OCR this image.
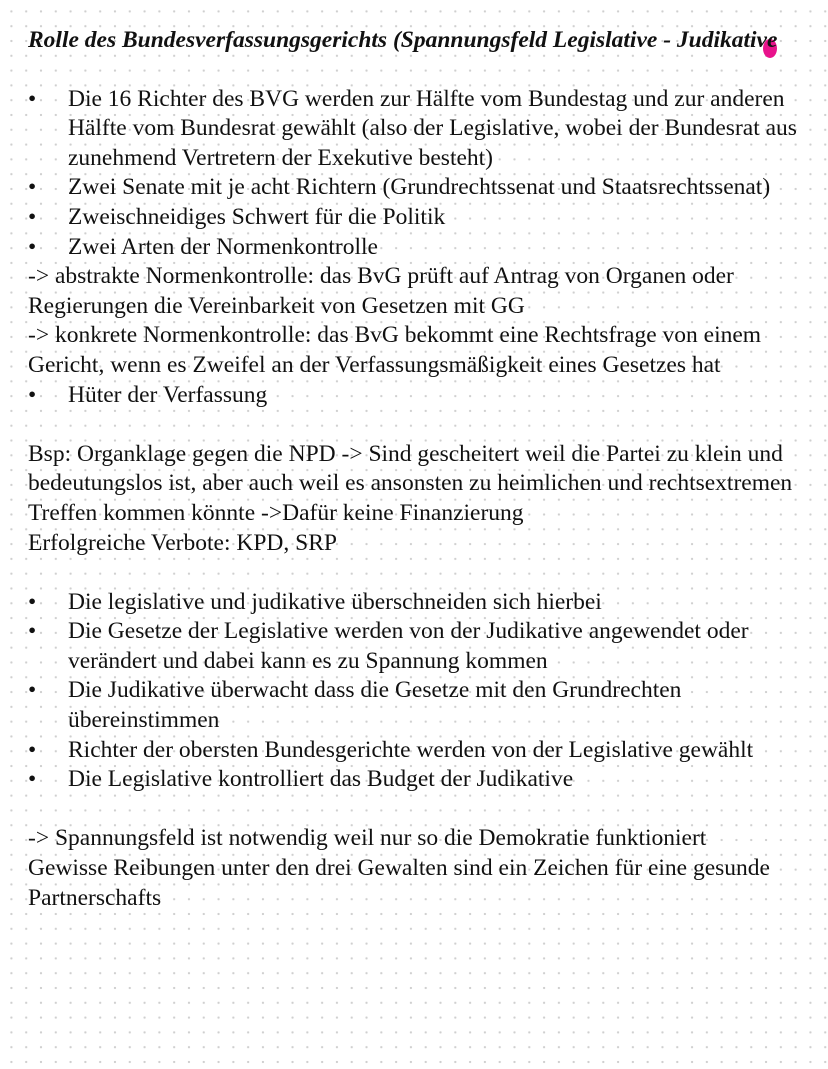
Rolle des Bundesverfassungsgerichts (Spannungsfeld Legislative - Judikative
•	Die 16 Richter des BVG werden zur Hälfte vom Bundestag und zur anderen Hälfte vom Bundesrat gewählt (also der Legislative, wobei der Bundesrat aus zunehmend Vertretern der Exekutive besteht)
•	Zwei Senate mit je acht Richtern (Grundrechtssenat und Staatsrechtssenat)
•	Zweischneidiges Schwert für die Politik
•	Zwei Arten der Normenkontrolle

-> abstrakte Normenkontrolle: das BvG prüft auf Antrag von Organen oder Regierungen die Vereinbarkeit von Gesetzen mit GG

-> konkrete Normenkontrolle: das BvG bekommt eine Rechtsfrage von einem Gericht, wenn es Zweifel an der Verfassungsmäßigkeit eines Gesetzes hat

•	Hüter der Verfassung

Bsp: Organklage gegen die NPD -> Sind gescheitert weil die Partei zu klein und bedeutungslos ist, aber auch weil es ansonsten zu heimlichen und rechtsextremen Treffen kommen könnte ->Dafür keine Finanzierung

Erfolgreiche Verbote: KPD, SRP

•	Die legislative und judikative überschneiden sich hierbei
•	Die Gesetze der Legislative werden von der Judikative angewendet oder verändert und dabei kann es zu Spannung kommen
•	Die Judikative überwacht dass die Gesetze mit den Grundrechten übereinstimmen
•	Richter der obersten Bundesgerichte werden von der Legislative gewählt
•	Die Legislative kontrolliert das Budget der Judikative

-> Spannungsfeld ist notwendig weil nur so die Demokratie funktioniert

Gewisse Reibungen unter den drei Gewalten sind ein Zeichen für eine gesunde Partnerschafts
